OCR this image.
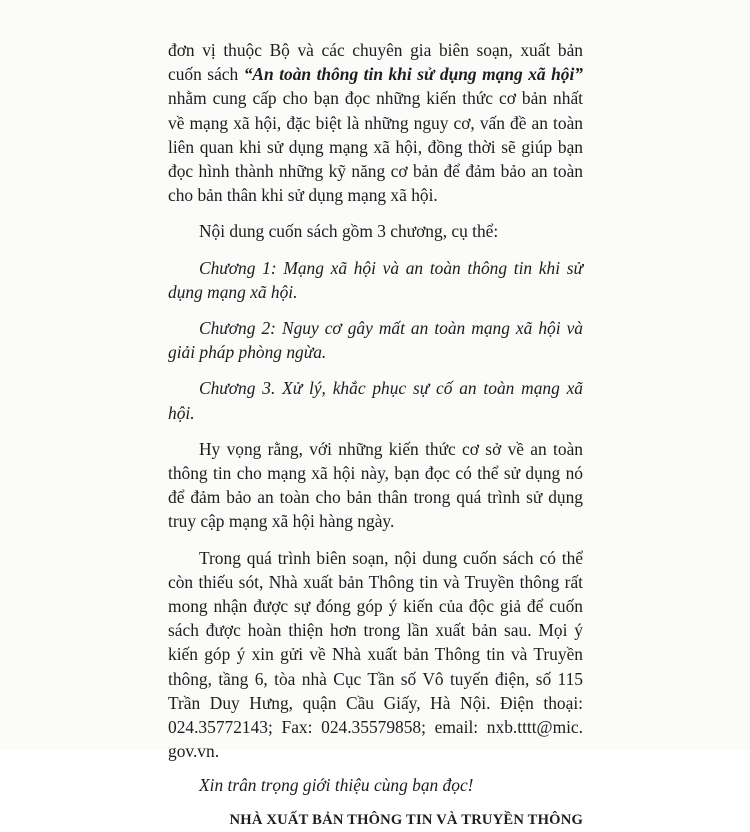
đơn vị thuộc Bộ và các chuyên gia biên soạn, xuất bản cuốn sách “An toàn thông tin khi sử dụng mạng xã hội” nhằm cung cấp cho bạn đọc những kiến thức cơ bản nhất về mạng xã hội, đặc biệt là những nguy cơ, vấn đề an toàn liên quan khi sử dụng mạng xã hội, đồng thời sẽ giúp bạn đọc hình thành những kỹ năng cơ bản để đảm bảo an toàn cho bản thân khi sử dụng mạng xã hội.

Nội dung cuốn sách gồm 3 chương, cụ thể:

Chương 1: Mạng xã hội và an toàn thông tin khi sử dụng mạng xã hội.

Chương 2: Nguy cơ gây mất an toàn mạng xã hội và giải pháp phòng ngừa.

Chương 3. Xử lý, khắc phục sự cố an toàn mạng xã hội.

Hy vọng rằng, với những kiến thức cơ sở về an toàn thông tin cho mạng xã hội này, bạn đọc có thể sử dụng nó để đảm bảo an toàn cho bản thân trong quá trình sử dụng truy cập mạng xã hội hàng ngày.

Trong quá trình biên soạn, nội dung cuốn sách có thể còn thiếu sót, Nhà xuất bản Thông tin và Truyền thông rất mong nhận được sự đóng góp ý kiến của độc giả để cuốn sách được hoàn thiện hơn trong lần xuất bản sau. Mọi ý kiến góp ý xin gửi về Nhà xuất bản Thông tin và Truyền thông, tầng 6, tòa nhà Cục Tần số Vô tuyến điện, số 115 Trần Duy Hưng, quận Cầu Giấy, Hà Nội. Điện thoại: 024.35772143; Fax: 024.35579858; email: nxb.tttt@mic. gov.vn.

Xin trân trọng giới thiệu cùng bạn đọc!

NHÀ XUẤT BẢN THÔNG TIN VÀ TRUYỀN THÔNG
